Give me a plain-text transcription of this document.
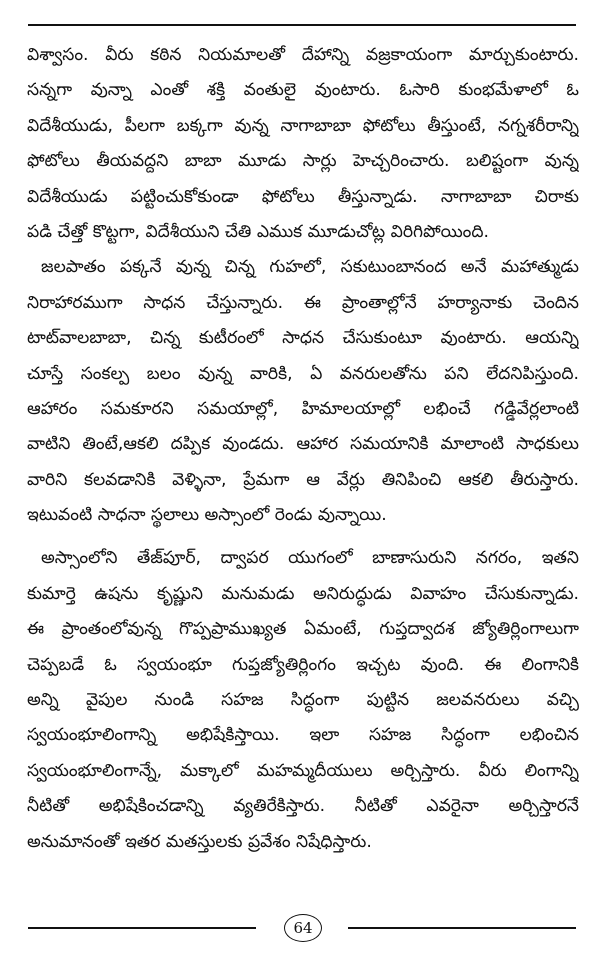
విశ్వాసం. వీరు కఠిన నియమాలతో దేహాన్ని వజ్రకాయంగా మార్చుకుంటారు.
సన్నగా వున్నా ఎంతో శక్తి వంతులై వుంటారు. ఓసారి కుంభమేళాలో ఓ
విదేశీయుడు, పీలగా బక్కగా వున్న నాగాబాబా ఫోటోలు తీస్తుంటే, నగ్నశరీరాన్ని
ఫోటోలు తీయవద్దని బాబా మూడు సార్లు హెచ్చరించారు. బలిష్టంగా వున్న
విదేశీయుడు పట్టించుకోకుండా ఫోటోలు తీస్తున్నాడు. నాగాబాబా చిరాకు
పడి చేత్తో కొట్టగా, విదేశీయుని చేతి ఎముక మూడుచోట్ల విరిగిపోయింది.
జలపాతం పక్కనే వున్న చిన్న గుహలో, సకుటుంబానంద అనే మహాత్ముడు
నిరాహారముగా సాధన చేస్తున్నారు. ఈ ప్రాంతాల్లోనే హర్యానాకు చెందిన
టాట్‌వాలబాబా, చిన్న కుటీరంలో సాధన చేసుకుంటూ వుంటారు. ఆయన్ని
చూస్తే సంకల్ప బలం వున్న వారికి, ఏ వనరులతోను పని లేదనిపిస్తుంది.
ఆహారం సమకూరని సమయాల్లో, హిమాలయాల్లో లభించే గడ్డివేర్లలాంటి
వాటిని తింటే,ఆకలి దప్పిక వుండదు. ఆహార సమయానికి మాలాంటి సాధకులు
వారిని కలవడానికి వెళ్ళినా, ప్రేమగా ఆ వేర్లు తినిపించి ఆకలి తీరుస్తారు.
ఇటువంటి సాధనా స్థలాలు అస్సాంలో రెండు వున్నాయి.
అస్సాంలోని తేజ్‌పూర్, ద్వాపర యుగంలో బాణాసురుని నగరం, ఇతని
కుమార్తె ఉషను కృష్ణుని మనుమడు అనిరుద్ధుడు వివాహం చేసుకున్నాడు.
ఈ ప్రాంతంలోవున్న గొప్పప్రాముఖ్యత ఏమంటే, గుప్తద్వాదశ జ్యోతిర్లింగాలుగా
చెప్పబడే ఓ స్వయంభూ గుప్తజ్యోతిర్లింగం ఇచ్చట వుంది. ఈ లింగానికి
అన్ని వైపుల నుండి సహజ సిద్ధంగా పుట్టిన జలవనరులు వచ్చి
స్వయంభూలింగాన్ని అభిషేకిస్తాయి. ఇలా సహజ సిద్ధంగా లభించిన
స్వయంభూలింగాన్నే, మక్కాలో మహమ్మదీయులు అర్చిస్తారు. వీరు లింగాన్ని
నీటితో అభిషేకించడాన్ని వ్యతిరేకిస్తారు. నీటితో ఎవరైనా అర్చిస్తారనే
అనుమానంతో ఇతర మతస్తులకు ప్రవేశం నిషేధిస్తారు.
64
